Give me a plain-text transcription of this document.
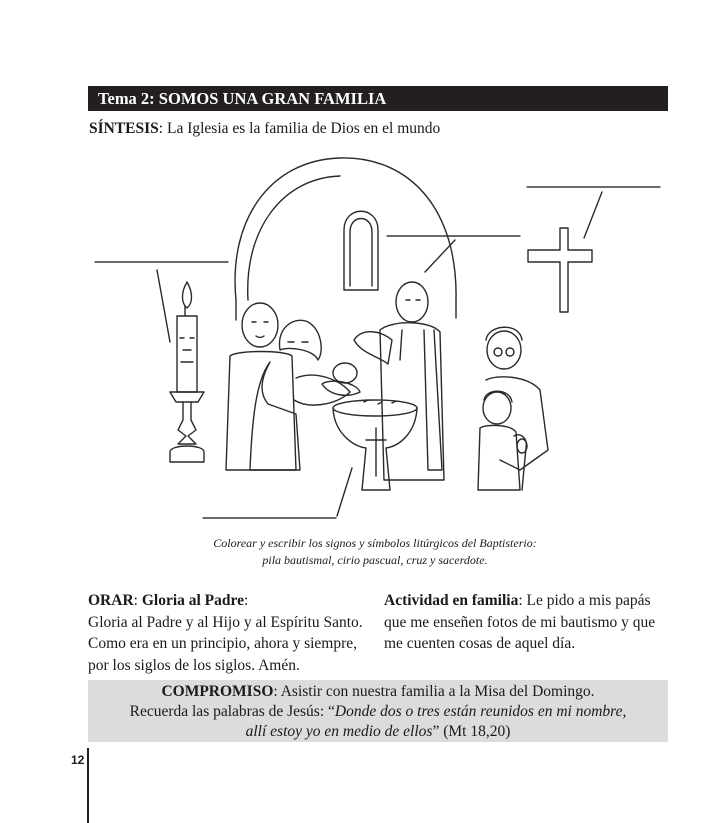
Tema 2: SOMOS UNA GRAN FAMILIA
SÍNTESIS: La Iglesia es la familia de Dios en el mundo
Colorear y escribir los signos y símbolos litúrgicos del Baptisterio:
pila bautismal, cirio pascual, cruz y sacerdote.
ORAR: Gloria al Padre:
Gloria al Padre y al Hijo y al Espíritu Santo. Como era en un principio, ahora y siempre, por los siglos de los siglos. Amén.
Actividad en familia: Le pido a mis papás que me enseñen fotos de mi bautismo y que me cuenten cosas de aquel día.
COMPROMISO: Asistir con nuestra familia a la Misa del Domingo.
Recuerda las palabras de Jesús: “Donde dos o tres están reunidos en mi nombre,
allí estoy yo en medio de ellos” (Mt 18,20)
12
